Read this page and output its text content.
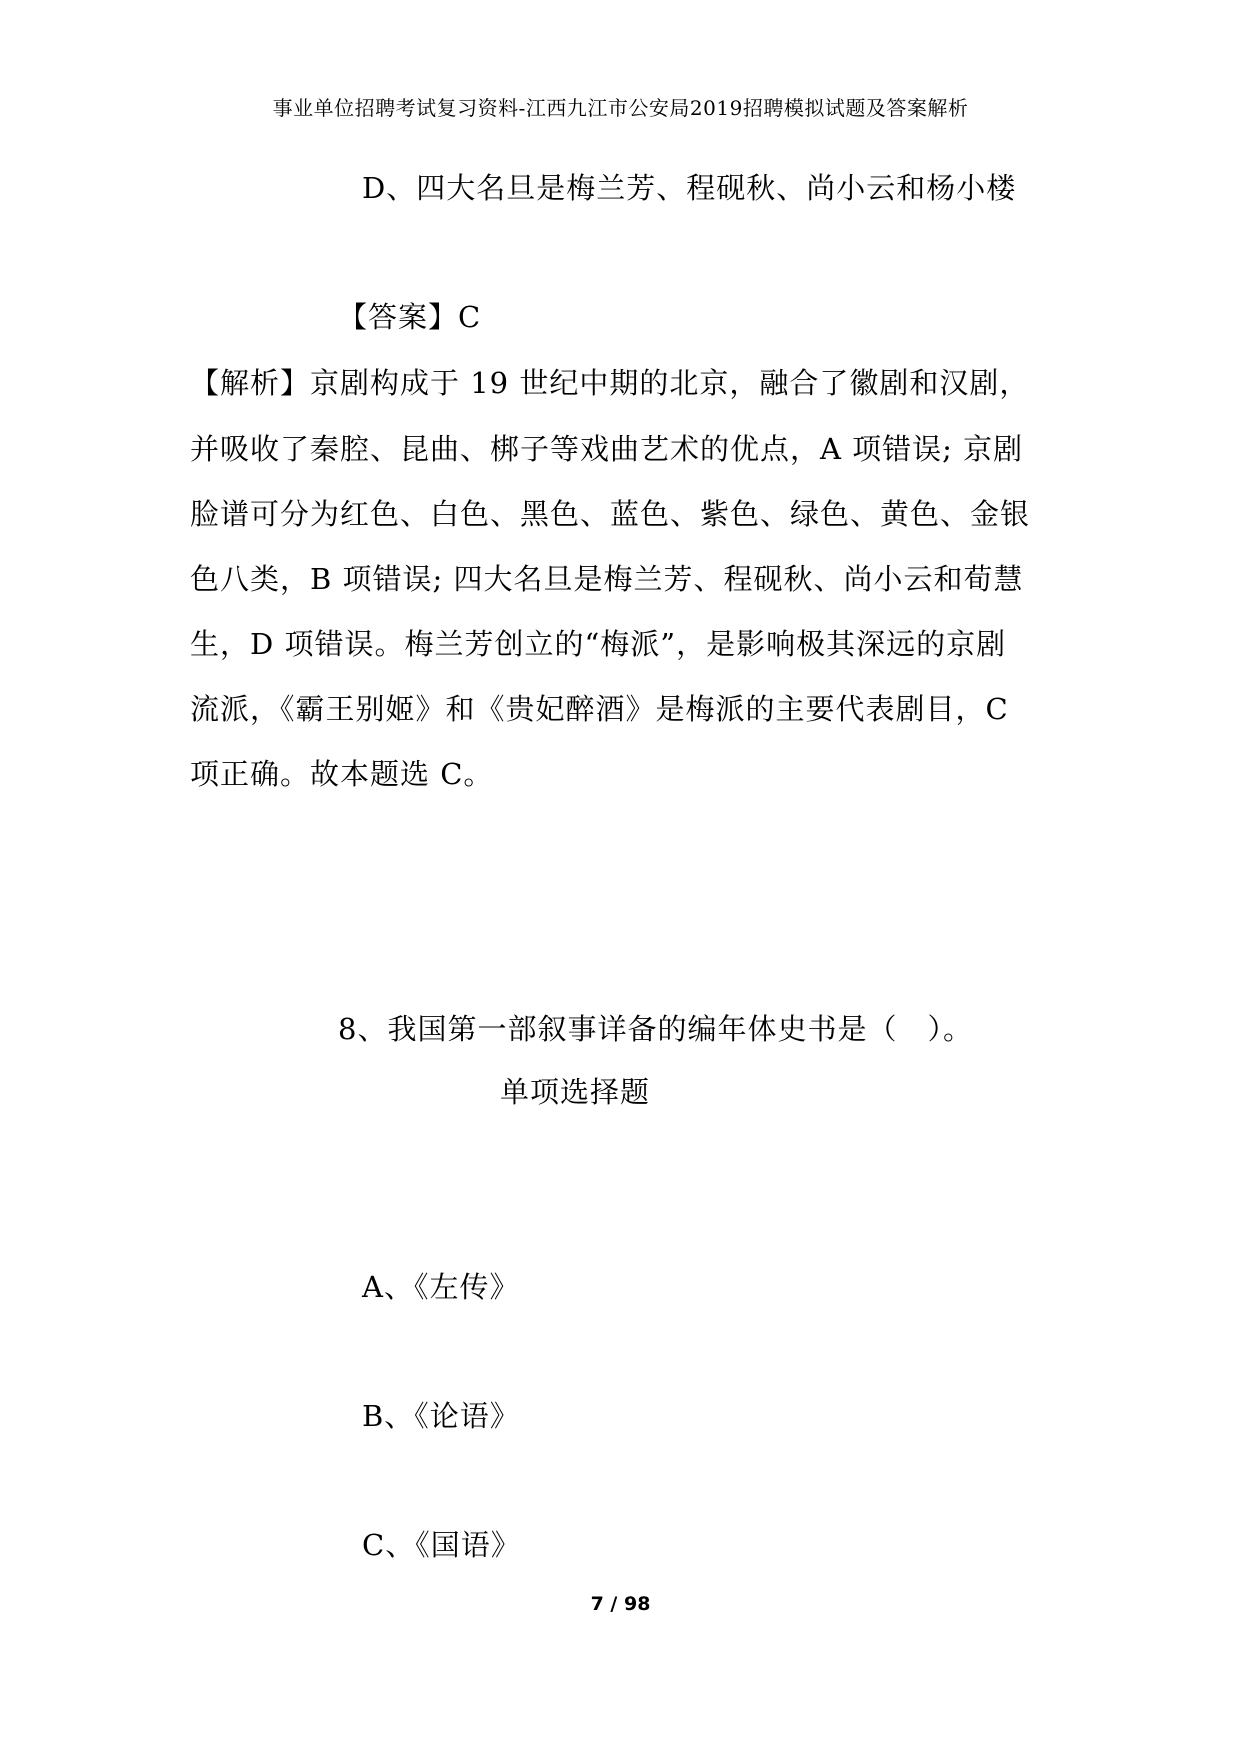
事业单位招聘考试复习资料-江西九江市公安局2019招聘模拟试题及答案解析
D、四大名旦是梅兰芳、程砚秋、尚小云和杨小楼
【答案】C
【解析】京剧构成于 19 世纪中期的北京，融合了徽剧和汉剧，
并吸收了秦腔、昆曲、梆子等戏曲艺术的优点，A 项错误; 京剧
脸谱可分为红色、白色、黑色、蓝色、紫色、绿色、黄色、金银
色八类，B 项错误; 四大名旦是梅兰芳、程砚秋、尚小云和荀慧
生，D 项错误。梅兰芳创立的“梅派”，是影响极其深远的京剧
流派，《霸王别姬》和《贵妃醉酒》是梅派的主要代表剧目，C
项正确。故本题选 C。
8、我国第一部叙事详备的编年体史书是（　）。
单项选择题
A、《左传》
B、《论语》
C、《国语》
7 / 98
